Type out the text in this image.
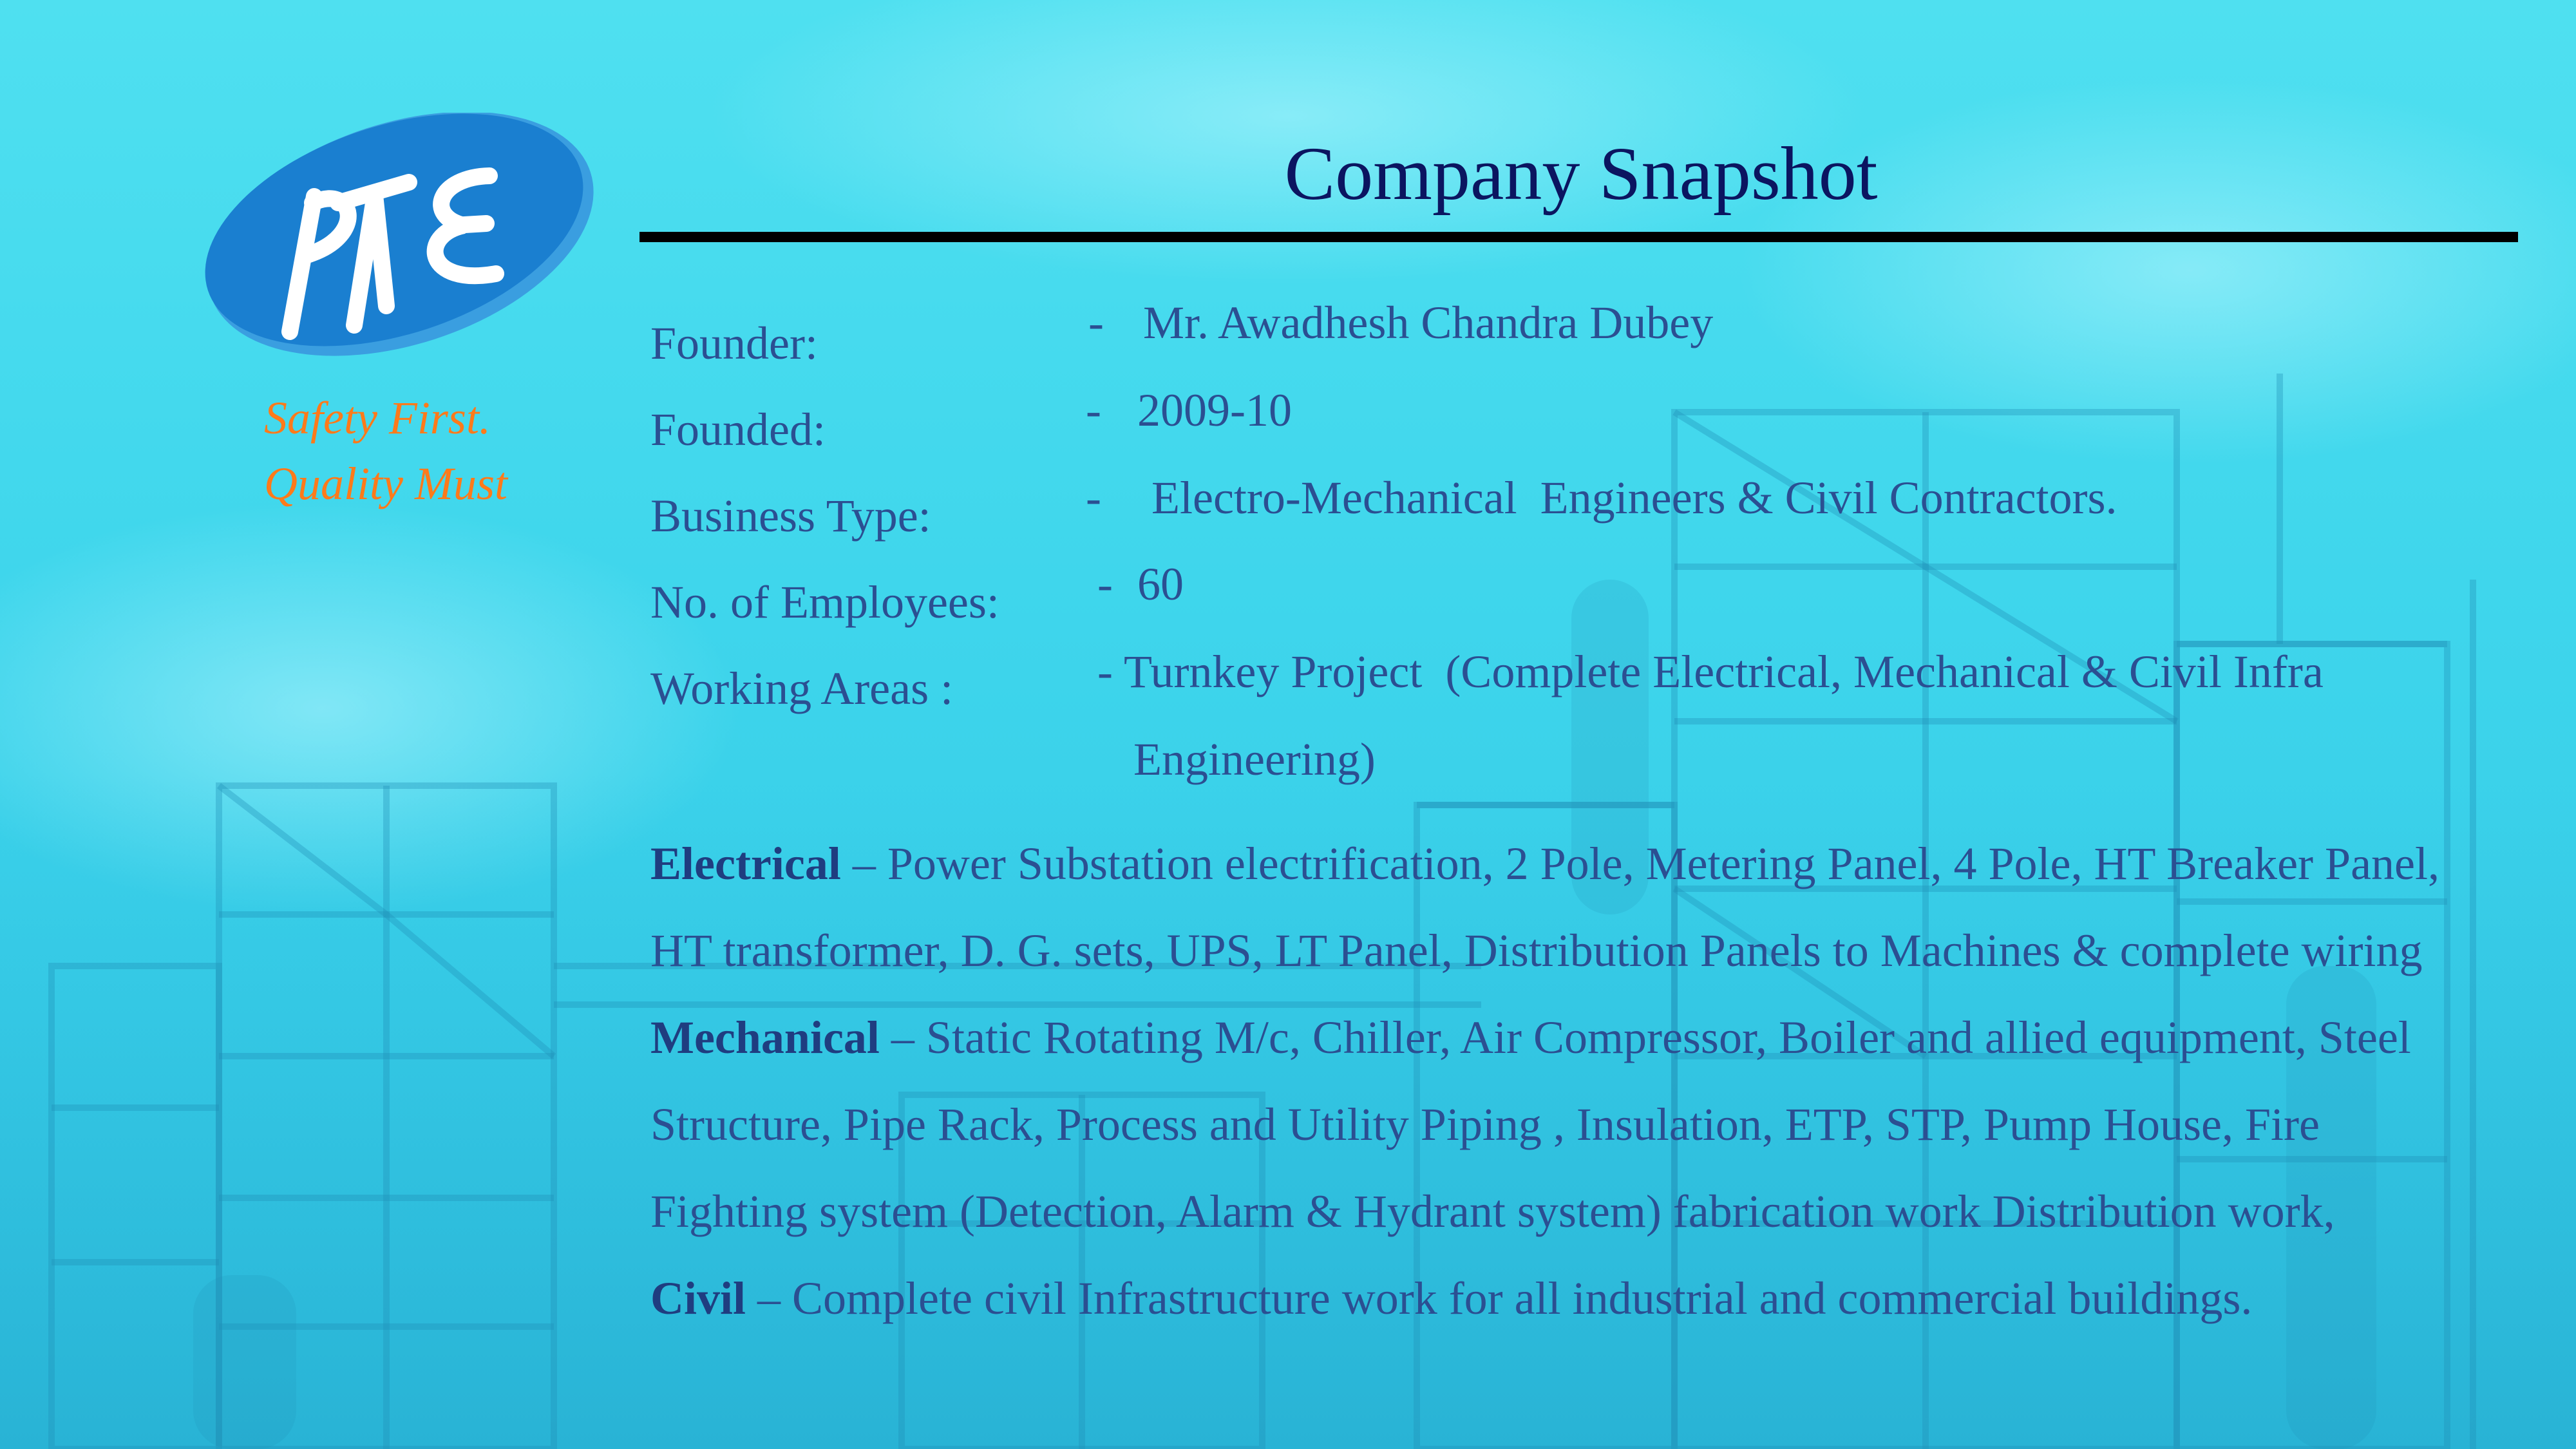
Safety First.
Quality Must
Company Snapshot
Founder:	- Mr. Awadhesh Chandra Dubey
Founded:	- 2009-10
Business Type:	- Electro-Mechanical  Engineers & Civil Contractors.
No. of Employees: - 60
Working Areas :	- Turnkey Project  (Complete Electrical, Mechanical & Civil Infra
Engineering)
Electrical – Power Substation electrification, 2 Pole, Metering Panel, 4 Pole, HT Breaker Panel,
HT transformer, D. G. sets, UPS, LT Panel, Distribution Panels to Machines & complete wiring
Mechanical – Static Rotating M/c, Chiller, Air Compressor, Boiler and allied equipment, Steel
Structure, Pipe Rack, Process and Utility Piping , Insulation, ETP, STP, Pump House, Fire
Fighting system (Detection, Alarm & Hydrant system) fabrication work Distribution work,
Civil – Complete civil Infrastructure work for all industrial and commercial buildings.
